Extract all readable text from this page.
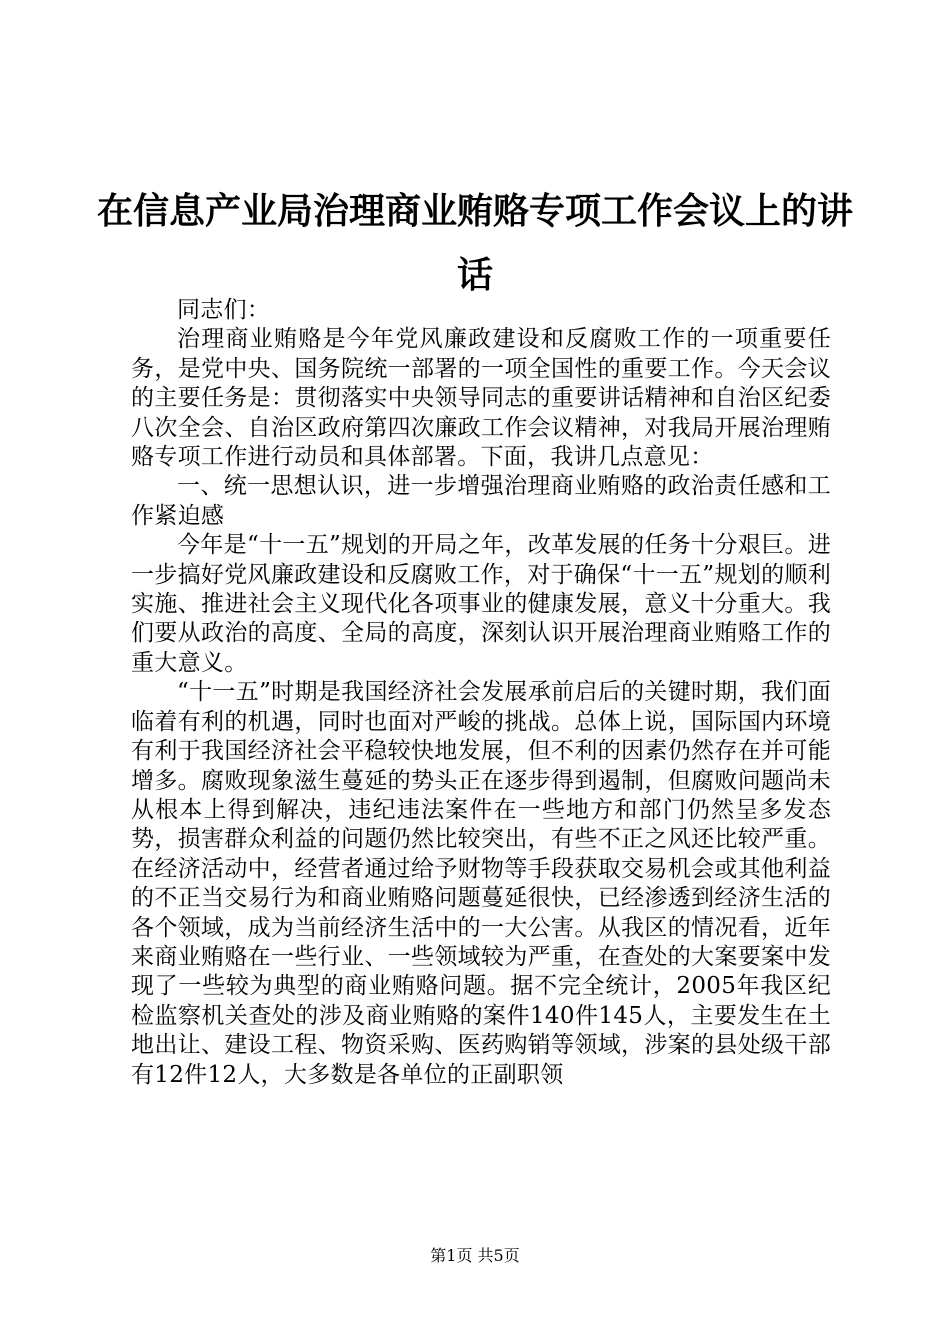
在信息产业局治理商业贿赂专项工作会议上的讲话

同志们：

治理商业贿赂是今年党风廉政建设和反腐败工作的一项重要任务，是党中央、国务院统一部署的一项全国性的重要工作。今天会议的主要任务是：贯彻落实中央领导同志的重要讲话精神和自治区纪委八次全会、自治区政府第四次廉政工作会议精神，对我局开展治理贿赂专项工作进行动员和具体部署。下面，我讲几点意见：

一、统一思想认识，进一步增强治理商业贿赂的政治责任感和工作紧迫感

今年是“十一五”规划的开局之年，改革发展的任务十分艰巨。进一步搞好党风廉政建设和反腐败工作，对于确保“十一五”规划的顺利实施、推进社会主义现代化各项事业的健康发展，意义十分重大。我们要从政治的高度、全局的高度，深刻认识开展治理商业贿赂工作的重大意义。

“十一五”时期是我国经济社会发展承前启后的关键时期，我们面临着有利的机遇，同时也面对严峻的挑战。总体上说，国际国内环境有利于我国经济社会平稳较快地发展，但不利的因素仍然存在并可能增多。腐败现象滋生蔓延的势头正在逐步得到遏制，但腐败问题尚未从根本上得到解决，违纪违法案件在一些地方和部门仍然呈多发态势，损害群众利益的问题仍然比较突出，有些不正之风还比较严重。在经济活动中，经营者通过给予财物等手段获取交易机会或其他利益的不正当交易行为和商业贿赂问题蔓延很快，已经渗透到经济生活的各个领域，成为当前经济生活中的一大公害。从我区的情况看，近年来商业贿赂在一些行业、一些领域较为严重，在查处的大案要案中发现了一些较为典型的商业贿赂问题。据不完全统计，2005年我区纪检监察机关查处的涉及商业贿赂的案件140件145人，主要发生在土地出让、建设工程、物资采购、医药购销等领域，涉案的县处级干部有12件12人，大多数是各单位的正副职领

第1页 共5页
